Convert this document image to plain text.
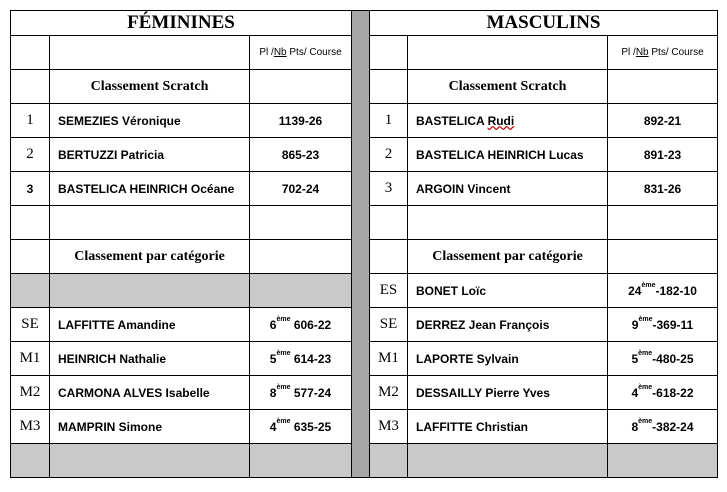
FÉMININES				MASCULINS		
		Pl /Nb Pts/ Course				Pl /Nb Pts/ Course
	Classement Scratch				Classement Scratch	
1	SEMEZIES Véronique	1139-26		1	BASTELICA Rudi	892-21
2	BERTUZZI Patricia	865-23		2	BASTELICA HEINRICH Lucas	891-23
3	BASTELICA HEINRICH Océane	702-24		3	ARGOIN Vincent	831-26

	Classement par catégorie				Classement par catégorie	
				ES	BONET Loïc	24ème-182-10
SE	LAFFITTE Amandine	6ème 606-22		SE	DERREZ Jean François	9ème-369-11
M1	HEINRICH Nathalie	5ème 614-23		M1	LAPORTE Sylvain	5ème-480-25
M2	CARMONA ALVES Isabelle	8ème 577-24		M2	DESSAILLY Pierre Yves	4ème-618-22
M3	MAMPRIN Simone	4ème 635-25		M3	LAFFITTE Christian	8ème-382-24
